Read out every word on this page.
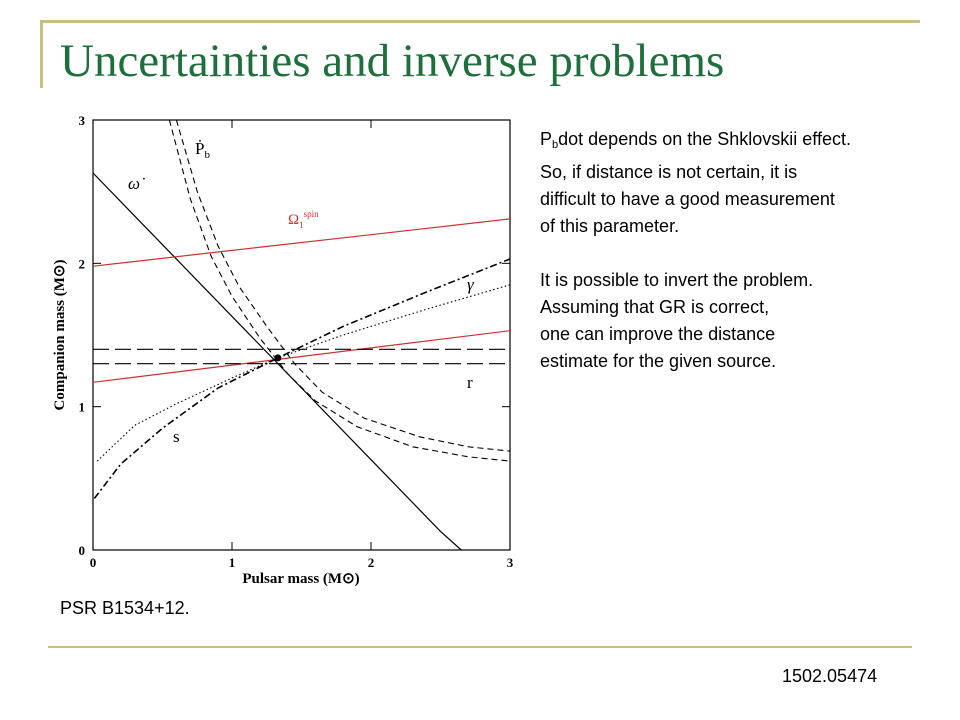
Uncertainties and inverse problems
0	1	2	3
0
1
2
3
ω̇
Ṗ$_b$
$\Omega_1^{spin}$
γ
r
s
Pulsar mass (M⊙)
Companion mass (M⊙)

$P_bdot$ depends on the Shklovskii effect.
So, if distance is not certain, it is
difficult to have a good measurement
of this parameter.

It is possible to invert the problem.
Assuming that GR is correct,
one can improve the distance
estimate for the given source.

PSR B1534+12.
1502.05474
